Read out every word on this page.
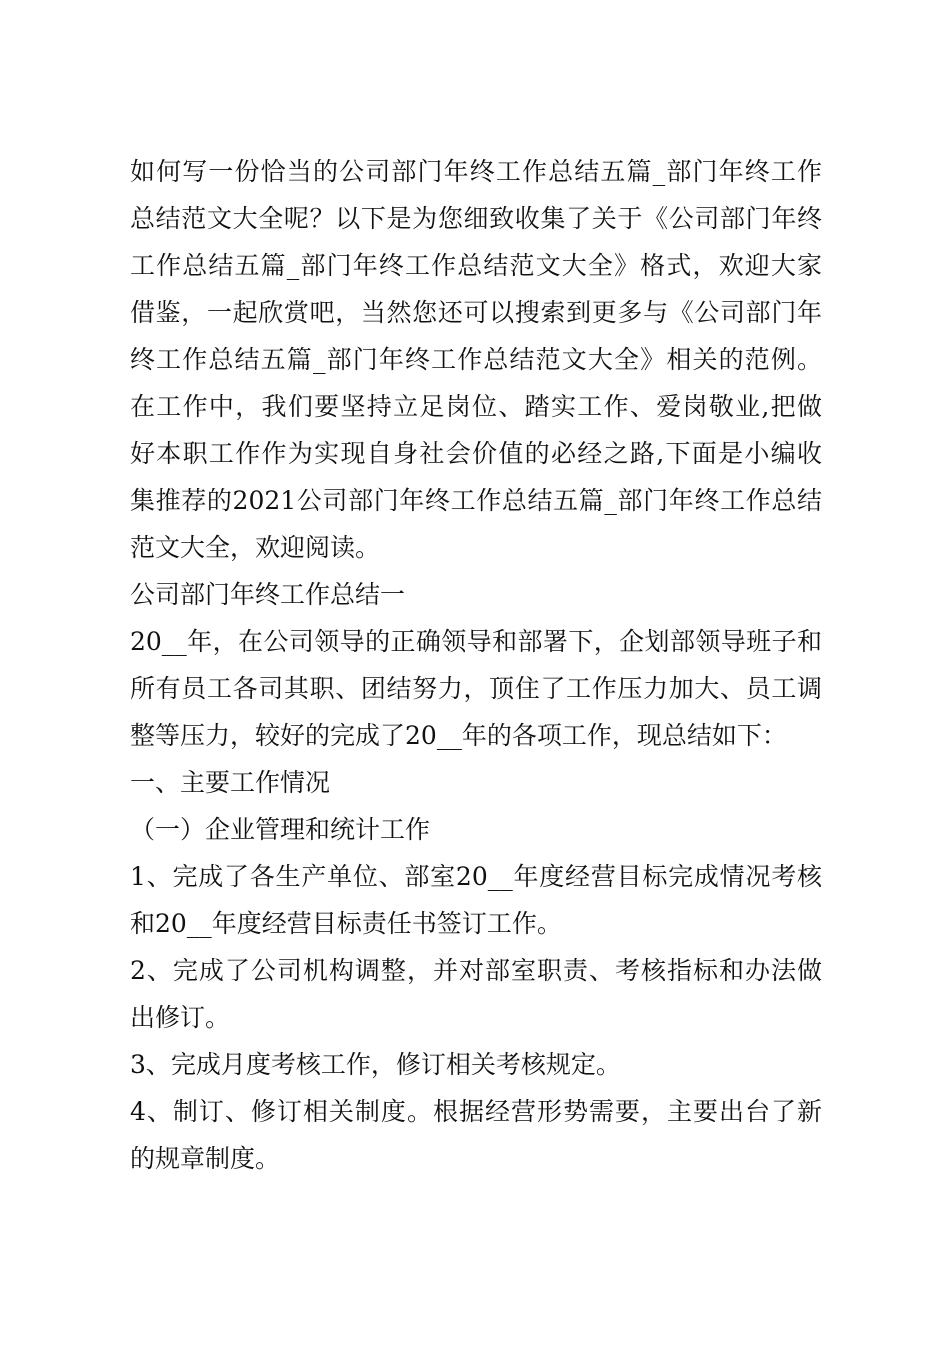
如何写一份恰当的公司部门年终工作总结五篇_部门年终工作
总结范文大全呢？以下是为您细致收集了关于《公司部门年终
工作总结五篇_部门年终工作总结范文大全》格式，欢迎大家
借鉴，一起欣赏吧，当然您还可以搜索到更多与《公司部门年
终工作总结五篇_部门年终工作总结范文大全》相关的范例。
在工作中，我们要坚持立足岗位、踏实工作、爱岗敬业,把做
好本职工作作为实现自身社会价值的必经之路,下面是小编收
集推荐的2021公司部门年终工作总结五篇_部门年终工作总结
范文大全，欢迎阅读。
公司部门年终工作总结一
20__年，在公司领导的正确领导和部署下，企划部领导班子和
所有员工各司其职、团结努力，顶住了工作压力加大、员工调
整等压力，较好的完成了20__年的各项工作，现总结如下：
一、主要工作情况
（一）企业管理和统计工作
1、完成了各生产单位、部室20__年度经营目标完成情况考核
和20__年度经营目标责任书签订工作。
2、完成了公司机构调整，并对部室职责、考核指标和办法做
出修订。
3、完成月度考核工作，修订相关考核规定。
4、制订、修订相关制度。根据经营形势需要，主要出台了新
的规章制度。
